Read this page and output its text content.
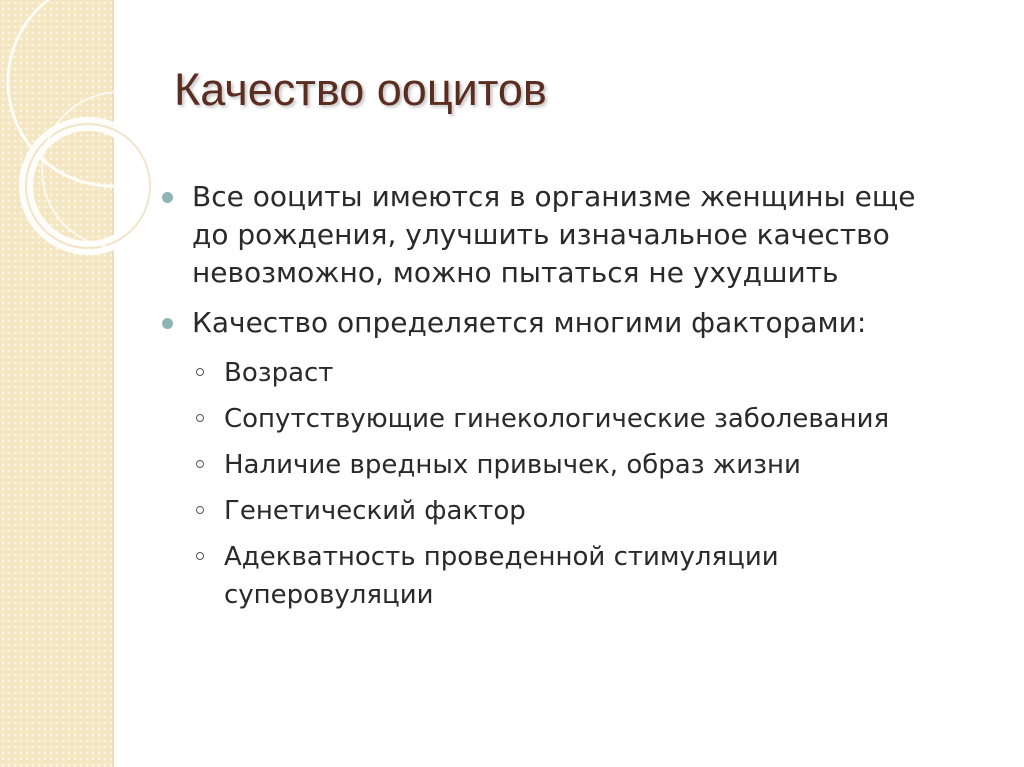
Качество ооцитов
Все ооциты имеются в организме женщины еще до рождения, улучшить изначальное качество невозможно, можно пытаться не ухудшить
Качество определяется многими факторами:
Возраст
Сопутствующие гинекологические заболевания
Наличие вредных привычек, образ жизни
Генетический фактор
Адекватность проведенной стимуляции суперовуляции
